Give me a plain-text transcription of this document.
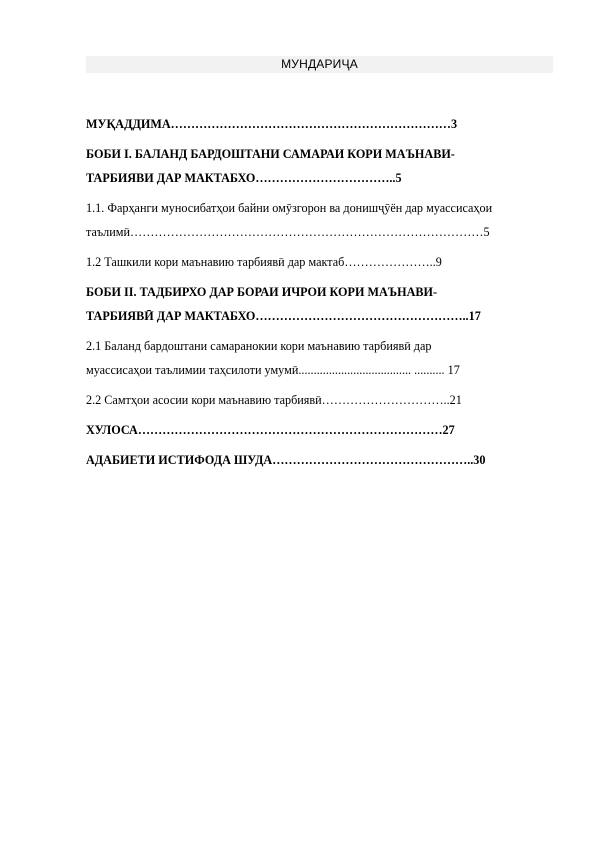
МУНДАРИҶА
МУҚАДДИМА……………………………………………………………3
БОБИ I. БАЛАНД БАРДОШТАНИ САМАРАИ КОРИ МАЪНАВИ-
ТАРБИЯВИ ДАР МАКТАБХО……………………………..5
1.1. Фарҳанги муносибатҳои байни омӯзгорон ва донишҷӯён дар муассисаҳои
таълимӣ……………………………………………………………………………5
1.2 Ташкили кори маънавию тарбиявӣ дар мактаб…………………..9
БОБИ II. ТАДБИРХО ДАР БОРАИ ИЧРОИ КОРИ МАЪНАВИ-
ТАРБИЯВӢ ДАР МАКТАБХО……………………………………………..17
2.1 Баланд бардоштани самаранокии кори маънавию тарбиявӣ дар
муассисаҳои таълимии таҳсилоти умумӣ..................................... .......... 17
2.2 Самтҳои асосии кори маънавию тарбиявӣ…………………………..21
ХУЛОСА…………………………………………………………………27
АДАБИЕТИ ИСТИФОДА ШУДА…………………………………………..30
